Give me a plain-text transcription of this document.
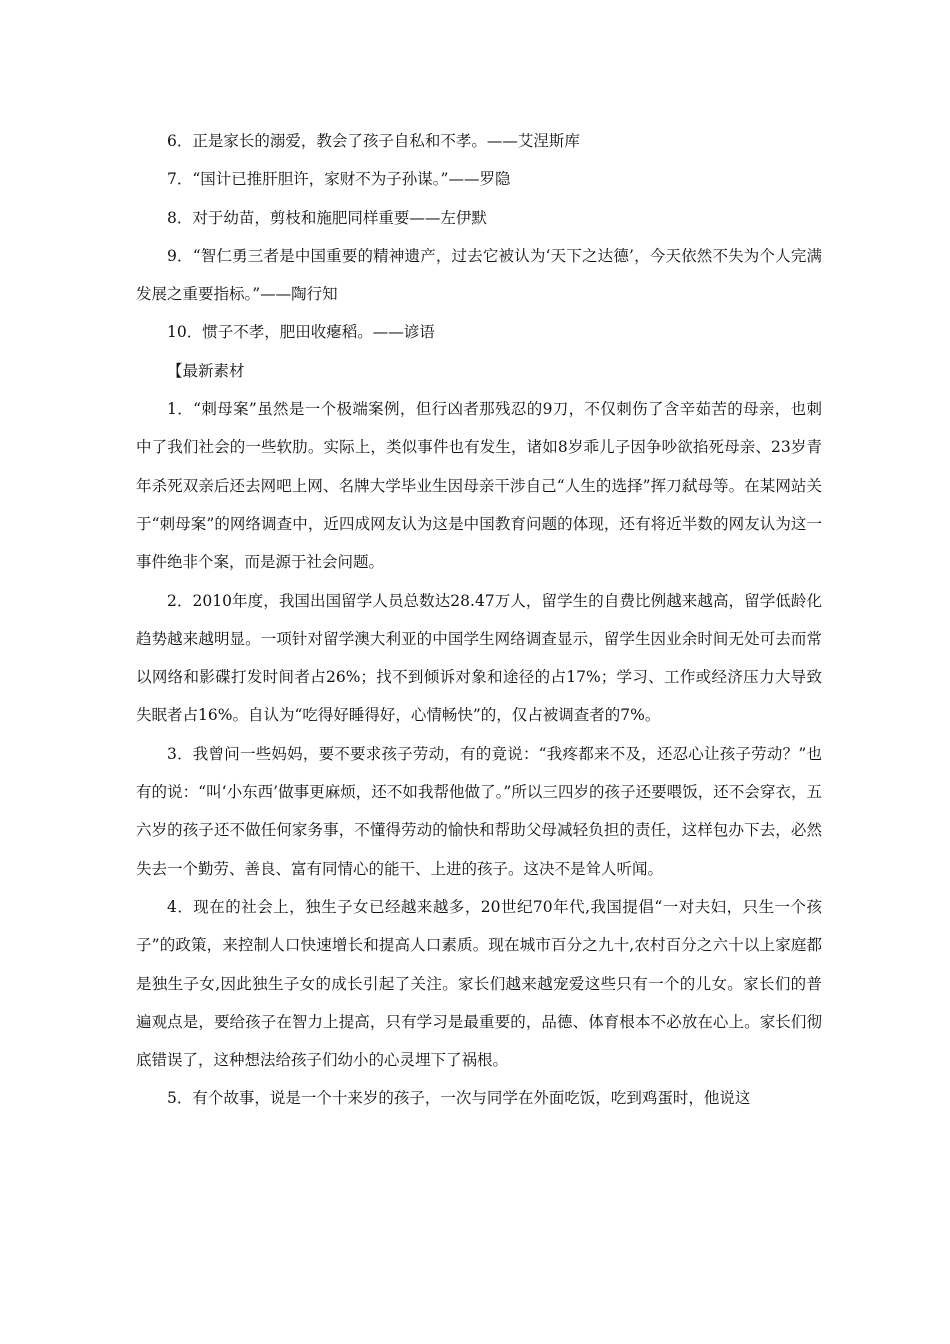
6．正是家长的溺爱，教会了孩子自私和不孝。——艾涅斯库

7．“国计已推肝胆许，家财不为子孙谋。”——罗隐

8．对于幼苗，剪枝和施肥同样重要——左伊默

9．“智仁勇三者是中国重要的精神遗产，过去它被认为‘天下之达德’，今天依然不失为个人完满发展之重要指标。”——陶行知

10．惯子不孝，肥田收瘪稻。——谚语

【最新素材

1．“刺母案”虽然是一个极端案例，但行凶者那残忍的9刀，不仅刺伤了含辛茹苦的母亲，也刺中了我们社会的一些软肋。实际上，类似事件也有发生，诸如8岁乖儿子因争吵欲掐死母亲、23岁青年杀死双亲后还去网吧上网、名牌大学毕业生因母亲干涉自己“人生的选择”挥刀弑母等。在某网站关于“刺母案”的网络调查中，近四成网友认为这是中国教育问题的体现，还有将近半数的网友认为这一事件绝非个案，而是源于社会问题。

2．2010年度，我国出国留学人员总数达28.47万人，留学生的自费比例越来越高，留学低龄化趋势越来越明显。一项针对留学澳大利亚的中国学生网络调查显示，留学生因业余时间无处可去而常以网络和影碟打发时间者占26%；找不到倾诉对象和途径的占17%；学习、工作或经济压力大导致失眠者占16%。自认为“吃得好睡得好，心情畅快”的，仅占被调查者的7%。

3．我曾问一些妈妈，要不要求孩子劳动，有的竟说：“我疼都来不及，还忍心让孩子劳动？”也有的说：“叫‘小东西’做事更麻烦，还不如我帮他做了。”所以三四岁的孩子还要喂饭，还不会穿衣，五六岁的孩子还不做任何家务事，不懂得劳动的愉快和帮助父母减轻负担的责任，这样包办下去，必然失去一个勤劳、善良、富有同情心的能干、上进的孩子。这决不是耸人听闻。

4．现在的社会上，独生子女已经越来越多，20世纪70年代,我国提倡“一对夫妇，只生一个孩子”的政策，来控制人口快速增长和提高人口素质。现在城市百分之九十,农村百分之六十以上家庭都是独生子女,因此独生子女的成长引起了关注。家长们越来越宠爱这些只有一个的儿女。家长们的普遍观点是，要给孩子在智力上提高，只有学习是最重要的，品德、体育根本不必放在心上。家长们彻底错误了，这种想法给孩子们幼小的心灵埋下了祸根。

5．有个故事，说是一个十来岁的孩子，一次与同学在外面吃饭，吃到鸡蛋时，他说这
